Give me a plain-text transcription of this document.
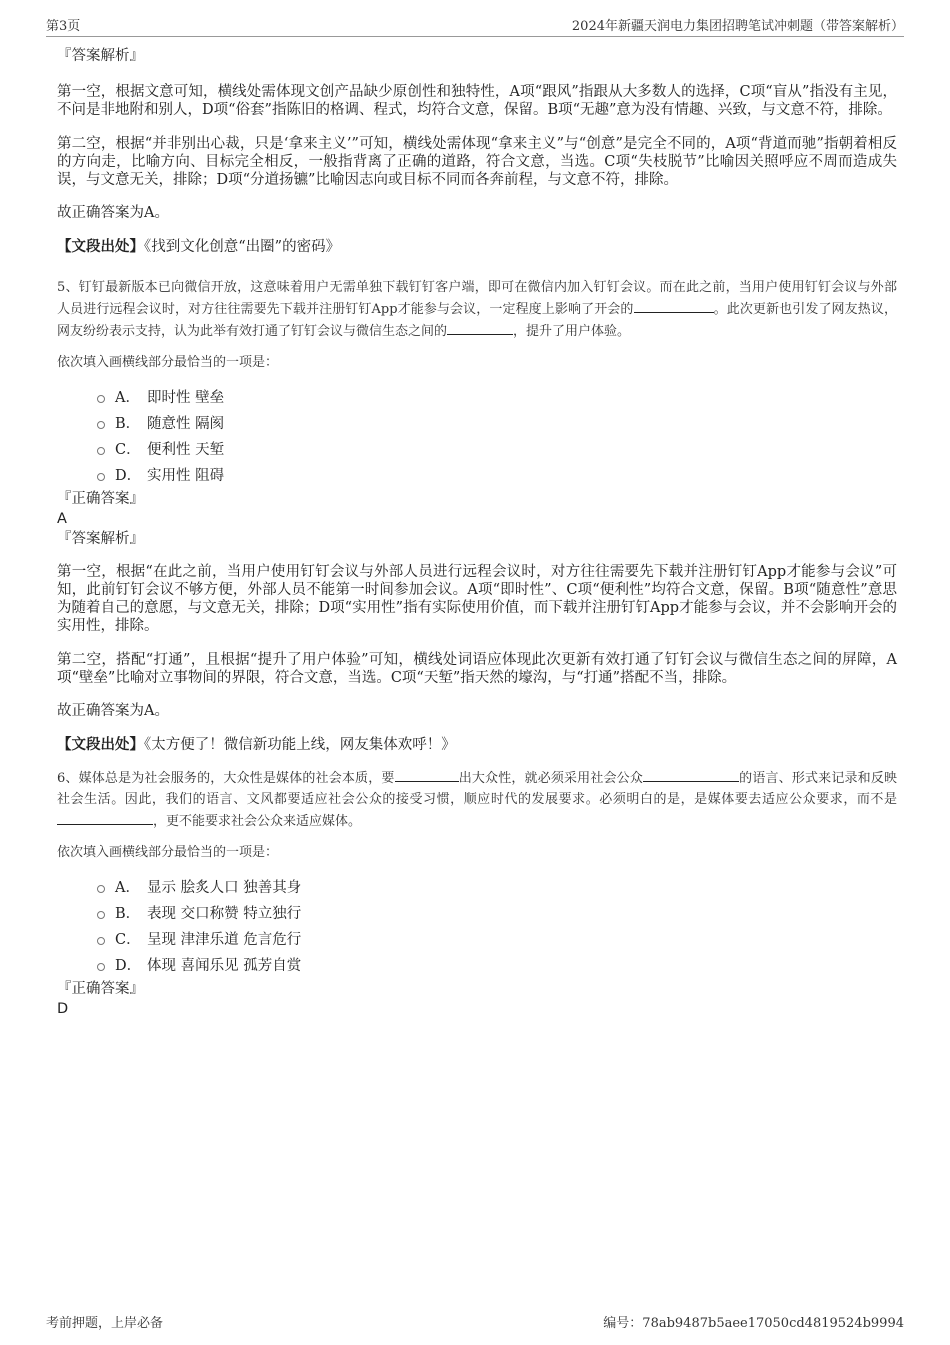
第3页	2024年新疆天润电力集团招聘笔试冲刺题（带答案解析）

『答案解析』

第一空，根据文意可知，横线处需体现文创产品缺少原创性和独特性，A项“跟风”指跟从大多数人的选择，C项“盲从”指没有主见，不问是非地附和别人，D项“俗套”指陈旧的格调、程式，均符合文意，保留。B项“无趣”意为没有情趣、兴致，与文意不符，排除。

第二空，根据“并非别出心裁，只是‘拿来主义’”可知，横线处需体现“拿来主义”与“创意”是完全不同的，A项“背道而驰”指朝着相反的方向走，比喻方向、目标完全相反，一般指背离了正确的道路，符合文意，当选。C项“失枝脱节”比喻因关照呼应不周而造成失误，与文意无关，排除；D项“分道扬镳”比喻因志向或目标不同而各奔前程，与文意不符，排除。

故正确答案为A。

【文段出处】《找到文化创意“出圈”的密码》

5、钉钉最新版本已向微信开放，这意味着用户无需单独下载钉钉客户端，即可在微信内加入钉钉会议。而在此之前，当用户使用钉钉会议与外部人员进行远程会议时，对方往往需要先下载并注册钉钉App才能参与会议，一定程度上影响了开会的	。此次更新也引发了网友热议，网友纷纷表示支持，认为此举有效打通了钉钉会议与微信生态之间的	，提升了用户体验。

依次填入画横线部分最恰当的一项是：

A． 即时性 壁垒
B． 随意性 隔阂
C． 便利性 天堑
D． 实用性 阻碍

『正确答案』

A

『答案解析』

第一空，根据“在此之前，当用户使用钉钉会议与外部人员进行远程会议时，对方往往需要先下载并注册钉钉App才能参与会议”可知，此前钉钉会议不够方便，外部人员不能第一时间参加会议。A项“即时性”、C项“便利性”均符合文意，保留。B项“随意性”意思为随着自己的意愿，与文意无关，排除；D项“实用性”指有实际使用价值，而下载并注册钉钉App才能参与会议，并不会影响开会的实用性，排除。

第二空，搭配“打通”，且根据“提升了用户体验”可知，横线处词语应体现此次更新有效打通了钉钉会议与微信生态之间的屏障，A项“壁垒”比喻对立事物间的界限，符合文意，当选。C项“天堑”指天然的壕沟，与“打通”搭配不当，排除。

故正确答案为A。

【文段出处】《太方便了！微信新功能上线，网友集体欢呼！》

6、媒体总是为社会服务的，大众性是媒体的社会本质，要	出大众性，就必须采用社会公众	的语言、形式来记录和反映社会生活。因此，我们的语言、文风都要适应社会公众的接受习惯，顺应时代的发展要求。必须明白的是，是媒体要去适应公众要求，而不是，更不能要求社会公众来适应媒体。

依次填入画横线部分最恰当的一项是：

A． 显示 脍炙人口 独善其身
B． 表现 交口称赞 特立独行
C． 呈现 津津乐道 危言危行
D． 体现 喜闻乐见 孤芳自赏

『正确答案』

D

考前押题，上岸必备	编号：78ab9487b5aee17050cd4819524b9994
